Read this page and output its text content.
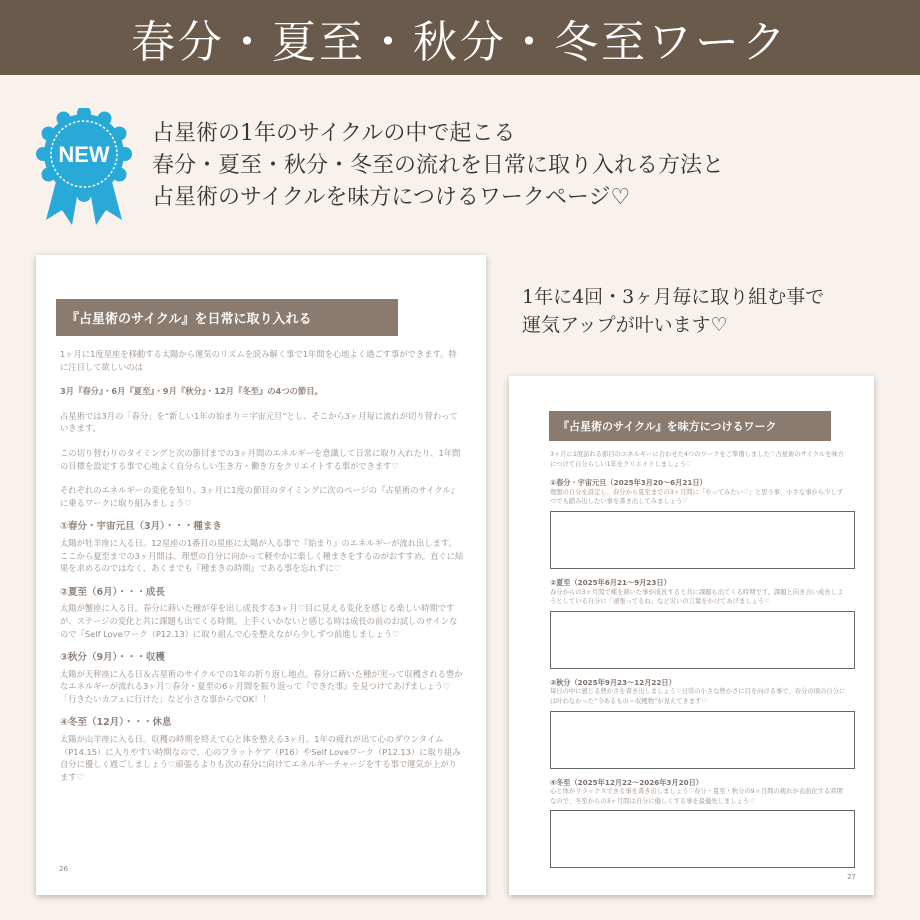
春分・夏至・秋分・冬至ワーク
NEW
占星術の1年のサイクルの中で起こる
春分・夏至・秋分・冬至の流れを日常に取り入れる方法と
占星術のサイクルを味方につけるワークページ♡
1年に4回・3ヶ月毎に取り組む事で
運気アップが叶います♡
『占星術のサイクル』を日常に取り入れる

1ヶ月に1度星座を移動する太陽から運気のリズムを読み解く事で1年間を心地よく過ごす事ができます。特に注目して欲しいのは

3月『春分』・6月『夏至』・9月『秋分』・12月『冬至』の4つの節目。

占星術では3月の「春分」を“新しい1年の始まり＝宇宙元旦”とし、そこから3ヶ月毎に流れが切り替わっていきます。

この切り替わりのタイミングと次の節目までの3ヶ月間のエネルギーを意識して日常に取り入れたり、1年間の目標を設定する事で心地よく自分らしい生き方・働き方をクリエイトする事ができます♡

それぞれのエネルギーの変化を知り、3ヶ月に1度の節目のタイミングに次のページの『占星術のサイクル』に乗るワークに取り組みましょう♡

①春分・宇宙元旦（3月）・・・種まき

太陽が牡羊座に入る日。12星座の1番目の星座に太陽が入る事で『始まり』のエネルギーが流れ出します。ここから夏至までの3ヶ月間は、理想の自分に向かって軽やかに楽しく種まきをするのがおすすめ。直ぐに結果を求めるのではなく、あくまでも『種まきの時期』である事を忘れずに♡

②夏至（6月）・・・成長

太陽が蟹座に入る日。春分に蒔いた種が芽を出し成長する3ヶ月♡目に見える変化を感じる楽しい時期ですが、ステージの変化と共に課題も出てくる時期。上手くいかないと感じる時は成長の前のお試しのサインなので『Self Loveワーク（P12.13）に取り組んで心を整えながら少しずつ前進しましょう♡

③秋分（9月）・・・収穫

太陽が天秤座に入る日＆占星術のサイクルでの1年の折り返し地点。春分に蒔いた種が実って収穫される豊かなエネルギーが流れる3ヶ月♡春分・夏至の6ヶ月間を振り返って『できた事』を見つけてあげましょう♡「行きたいカフェに行けた」など小さな事からでOK！！

④冬至（12月）・・・休息

太陽が山羊座に入る日。収穫の時期を終えて心と体を整える3ヶ月。1年の疲れが出て心のダウンタイム（P14.15）に入りやすい時期なので、心のフラットケア（P16）やSelf Loveワーク（P12.13）に取り組み自分に優しく過ごしましょう♡頑張るよりも次の春分に向けてエネルギーチャージをする事で運気が上がります♡

26
『占星術のサイクル』を味方につけるワーク

3ヶ月に1度訪れる節目のエネルギーに合わせた4つのワークをご準備しました♡占星術のサイクルを味方につけて自分らしい1年をクリエイトしましょう♡

①春分・宇宙元旦（2025年3月20〜6月21日）

理想の自分を設定し、春分から夏至までの3ヶ月間に「やってみたい♡」と思う事、小さな事から少しずつでも踏み出したい事を書き出してみましょう♡

②夏至（2025年6月21〜9月23日）

春分からの3ヶ月間で種を蒔いた事が成長すると共に課題も出てくる時期です。課題と向き合い成長しようとしている自分に「頑張ってるね」など労いの言葉をかけてあげましょう♡

③秋分（2025年9月23〜12月22日）

毎日の中に感じる豊かさを書き出しましょう♡日常の小さな豊かさに目を向ける事で、春分の頃の自分には叶わなかった“今あるもの＝収穫物”が見えてきます♡

④冬至（2025年12月22〜2026年3月20日）

心と体がリラックスできる事を書き出しましょう♡春分・夏至・秋分の9ヶ月間の疲れが表面化する時期なので、冬至からの3ヶ月間は自分に優しくする事を最優先しましょう♡

27
